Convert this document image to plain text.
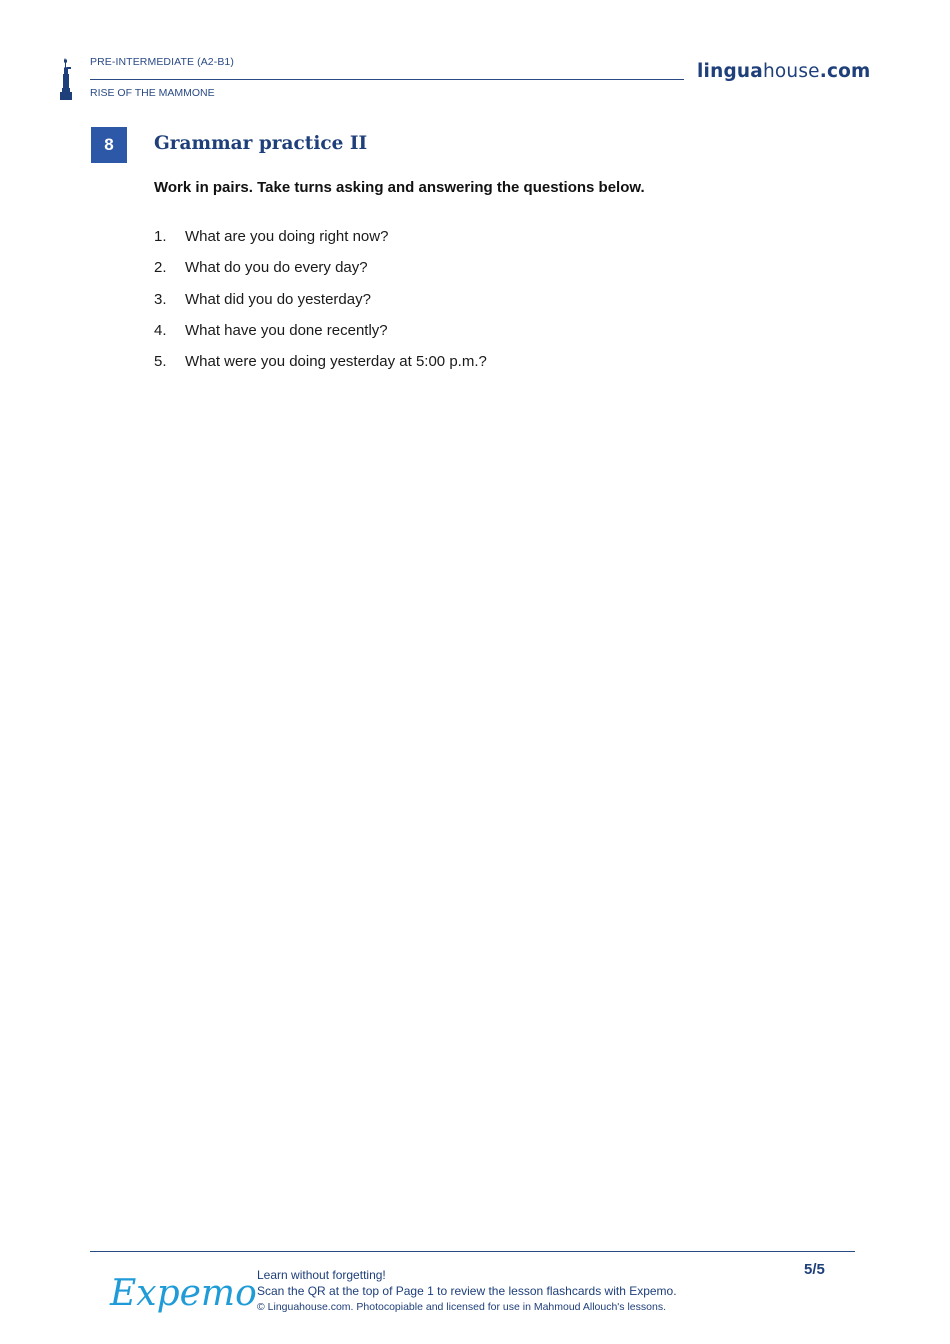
PRE-INTERMEDIATE (A2-B1)
RISE OF THE MAMMONE
linguahouse.com
8	Grammar practice II
Work in pairs. Take turns asking and answering the questions below.
1.	What are you doing right now?
2.	What do you do every day?
3.	What did you do yesterday?
4.	What have you done recently?
5.	What were you doing yesterday at 5:00 p.m.?
Expemo Learn without forgetting!
Scan the QR at the top of Page 1 to review the lesson flashcards with Expemo.
© Linguahouse.com. Photocopiable and licensed for use in Mahmoud Allouch's lessons.
5/5
